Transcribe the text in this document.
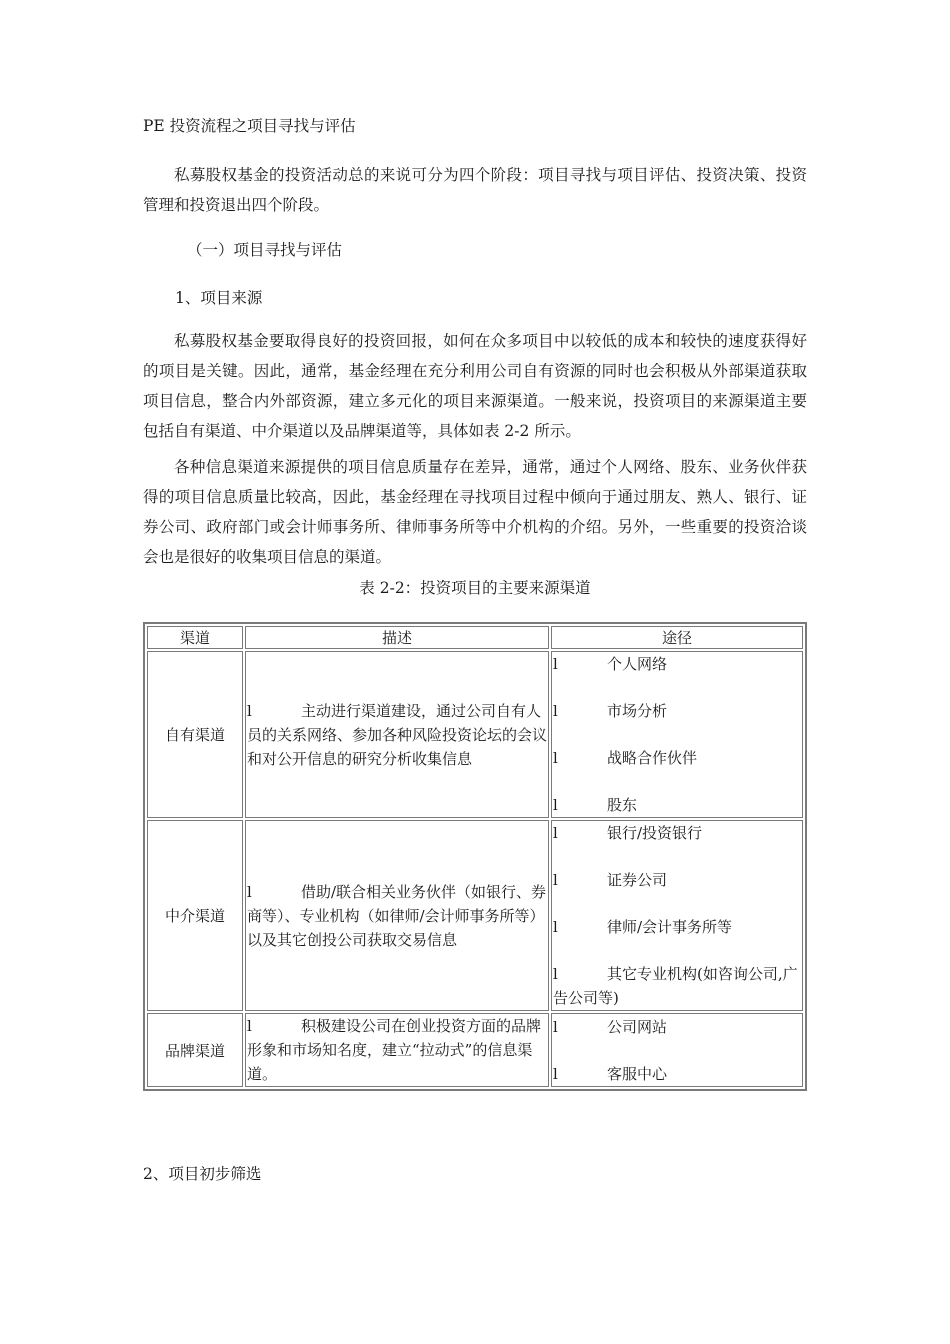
PE 投资流程之项目寻找与评估

私募股权基金的投资活动总的来说可分为四个阶段：项目寻找与项目评估、投资决策、投资管理和投资退出四个阶段。

（一）项目寻找与评估
1、项目来源

私募股权基金要取得良好的投资回报，如何在众多项目中以较低的成本和较快的速度获得好的项目是关键。因此，通常，基金经理在充分利用公司自有资源的同时也会积极从外部渠道获取项目信息，整合内外部资源，建立多元化的项目来源渠道。一般来说，投资项目的来源渠道主要包括自有渠道、中介渠道以及品牌渠道等，具体如表 2-2 所示。

各种信息渠道来源提供的项目信息质量存在差异，通常，通过个人网络、股东、业务伙伴获得的项目信息质量比较高，因此，基金经理在寻找项目过程中倾向于通过朋友、熟人、银行、证券公司、政府部门或会计师事务所、律师事务所等中介机构的介绍。另外，一些重要的投资洽谈会也是很好的收集项目信息的渠道。

表 2-2：投资项目的主要来源渠道
渠道	描述	途径
自有渠道	l 主动进行渠道建设，通过公司自有人员的关系网络、参加各种风险投资论坛的会议和对公开信息的研究分析收集信息	l 个人网络
l 市场分析
l 战略合作伙伴
l 股东

中介渠道	l 借助/联合相关业务伙伴（如银行、券商等）、专业机构（如律师/会计师事务所等）以及其它创投公司获取交易信息	l 银行/投资银行
l 证券公司
l 律师/会计事务所等
l 其它专业机构(如咨询公司,广告公司等)

品牌渠道	l 积极建设公司在创业投资方面的品牌形象和市场知名度，建立“拉动式”的信息渠道。	l 公司网站
l 客服中心
2、项目初步筛选
